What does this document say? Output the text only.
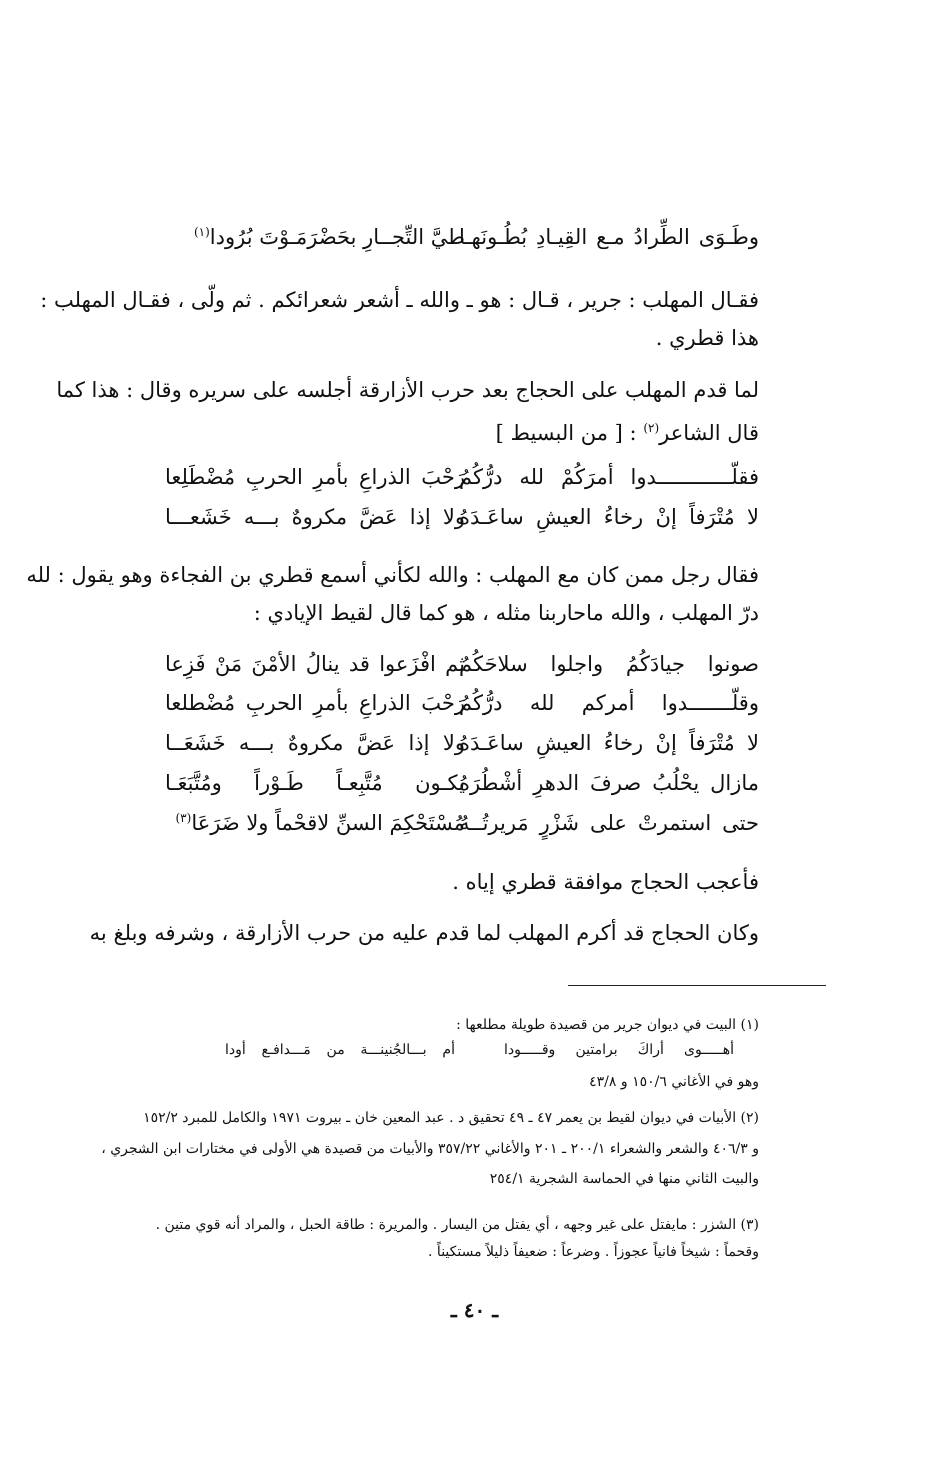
وطَـوَى الطِّرادُ مـع القِيـادِ بُطُـونَهـا
طيَّ التِّجــارِ بحَضْرَمَـوْتَ بُرُودا$^{(١)}$
فقـال المهلب : جرير ، قـال : هو ـ والله ـ أشعر شعرائكم . ثم ولّى ، فقـال المهلب :
هذا قطري .
لما قدم المهلب على الحجاج بعد حرب الأزارقة أجلسه على سريره وقال : هذا كما
قال الشاعر$^{(٢)}$ : [ من البسيط ]
فقلّــــــــــــدوا أمرَكُمْ لله درُّكُمُ
رَحْبَ الذراعِ بأمرِ الحربِ مُضْطَلِعا
لا مُتْرَفاً إنْ رخاءُ العيشِ ساعَـدَهُ
ولا إذا عَضَّ مكروهٌ بـــه خَشَعـــا
فقال رجل ممن كان مع المهلب : والله لكأني أسمع قطري بن الفجاءة وهو يقول : لله
درّ المهلب ، والله ماحاربنا مثله ، هو كما قال لقيط الإيادي :
صونوا جيادَكُمُ واجلوا سلاحَكُمُ
ثم افْزَعوا قد ينالُ الأمْنَ مَنْ فَزِعا
وقلّـــــــدوا أمركم لله درُّكُمُ
رَحْبَ الذراعِ بأمرِ الحربِ مُضْطلعا
لا مُتْرَفاً إنْ رخاءُ العيشِ ساعَـدَهُ
ولا إذا عَضَّ مكروهٌ بـــه خَشَعَــا
مازال يحْلُبُ صرفَ الدهرِ أشْطُرَهُ
يكـون مُتَّبِعـاً طَـوْراً ومُتَّبَعَـا
حتى استمرتْ على شَزْرٍ مَريرتُــهُ
مُسْتَحْكِمَ السنِّ لاقحْماً ولا ضَرَعَا$^{(٣)}$
فأعجب الحجاج موافقة قطري إياه .
وكان الحجاج قد أكرم المهلب لما قدم عليه من حرب الأزارقة ، وشرفه وبلغ به
(١) البيت في ديوان جرير من قصيدة طويلة مطلعها :
أهـــــوى أراكَ برامتين وقـــــودا
أم بـــالجُنينـــة من مَـــدافـع أودا
وهو في الأغاني ١٥٠/٦ و ٤٣/٨
(٢) الأبيات في ديوان لقيط بن يعمر ٤٧ ـ ٤٩ تحقيق د . عبد المعين خان ـ بيروت ١٩٧١ والكامل للمبرد ١٥٢/٢
و ٤٠٦/٣ والشعر والشعراء ٢٠٠/١ ـ ٢٠١ والأغاني ٣٥٧/٢٢ والأبيات من قصيدة هي الأولى في مختارات ابن الشجري ،
والبيت الثاني منها في الحماسة الشجرية ٢٥٤/١
(٣) الشزر : مايفتل على غير وجهه ، أي يفتل من اليسار . والمريرة : طاقة الحبل ، والمراد أنه قوي متين .
وقحماً : شيخاً فانياً عجوزاً . وضرعاً : ضعيفاً ذليلاً مستكيناً .
ـ ٤٠ ـ
